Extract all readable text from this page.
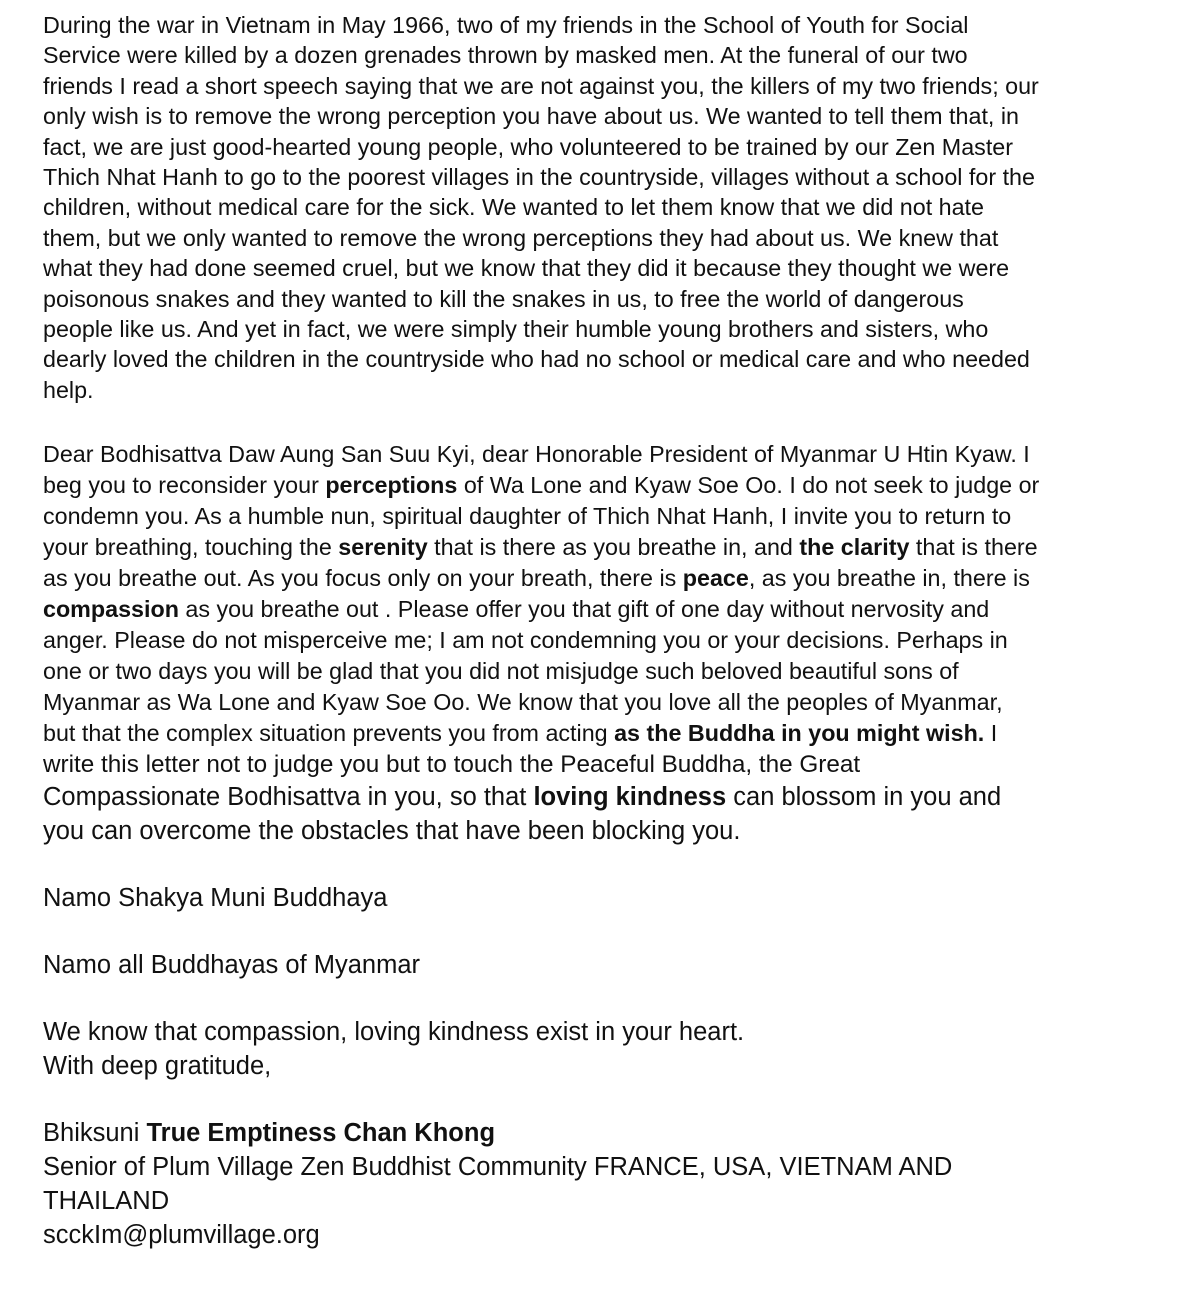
During the war in Vietnam in May 1966, two of my friends in the School of Youth for Social
Service were killed by a dozen grenades thrown by masked men. At the funeral of our two
friends I read a short speech saying that we are not against you, the killers of my two friends; our
only wish is to remove the wrong perception you have about us. We wanted to tell them that, in
fact, we are just good-hearted young people, who volunteered to be trained by our Zen Master
Thich Nhat Hanh to go to the poorest villages in the countryside, villages without a school for the
children, without medical care for the sick. We wanted to let them know that we did not hate
them, but we only wanted to remove the wrong perceptions they had about us. We knew that
what they had done seemed cruel, but we know that they did it because they thought we were
poisonous snakes and they wanted to kill the snakes in us, to free the world of dangerous
people like us. And yet in fact, we were simply their humble young brothers and sisters, who
dearly loved the children in the countryside who had no school or medical care and who needed
help.

Dear Bodhisattva Daw Aung San Suu Kyi, dear Honorable President of Myanmar U Htin Kyaw. I
beg you to reconsider your perceptions of Wa Lone and Kyaw Soe Oo. I do not seek to judge or
condemn you. As a humble nun, spiritual daughter of Thich Nhat Hanh, I invite you to return to
your breathing, touching the serenity that is there as you breathe in, and the clarity that is there
as you breathe out. As you focus only on your breath, there is peace, as you breathe in, there is
compassion as you breathe out . Please offer you that gift of one day without nervosity and
anger. Please do not misperceive me; I am not condemning you or your decisions. Perhaps in
one or two days you will be glad that you did not misjudge such beloved beautiful sons of
Myanmar as Wa Lone and Kyaw Soe Oo. We know that you love all the peoples of Myanmar,
but that the complex situation prevents you from acting as the Buddha in you might wish. I
write this letter not to judge you but to touch the Peaceful Buddha, the Great
Compassionate Bodhisattva in you, so that loving kindness can blossom in you and
you can overcome the obstacles that have been blocking you.

Namo Shakya Muni Buddhaya
Namo all Buddhayas of Myanmar
We know that compassion, loving kindness exist in your heart.
With deep gratitude,
Bhiksuni True Emptiness Chan Khong
Senior of Plum Village Zen Buddhist Community FRANCE, USA, VIETNAM AND
THAILAND
scckIm@plumvillage.org
